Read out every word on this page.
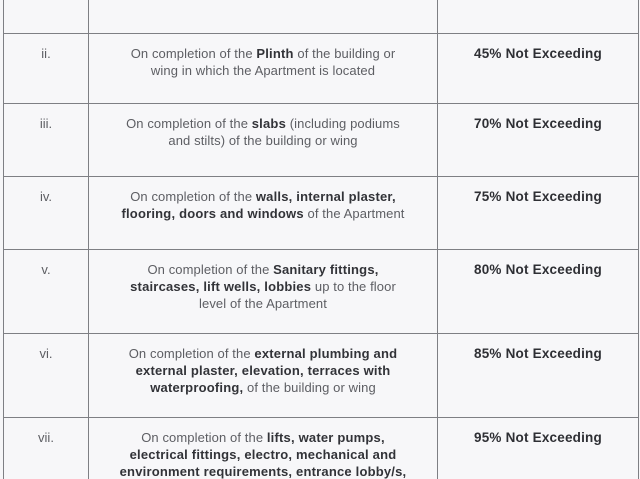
ii.	On completion of the Plinth of the building or
wing in which the Apartment is located	45% Not Exceeding
iii.	On completion of the slabs (including podiums
and stilts) of the building or wing	70% Not Exceeding
iv.	On completion of the walls, internal plaster,
flooring, doors and windows of the Apartment	75% Not Exceeding
v.	On completion of the Sanitary fittings,
staircases, lift wells, lobbies up to the floor
level of the Apartment	80% Not Exceeding
vi.	On completion of the external plumbing and
external plaster, elevation, terraces with
waterproofing, of the building or wing	85% Not Exceeding
vii.	On completion of the lifts, water pumps,
electrical fittings, electro, mechanical and
environment requirements, entrance lobby/s,	95% Not Exceeding
